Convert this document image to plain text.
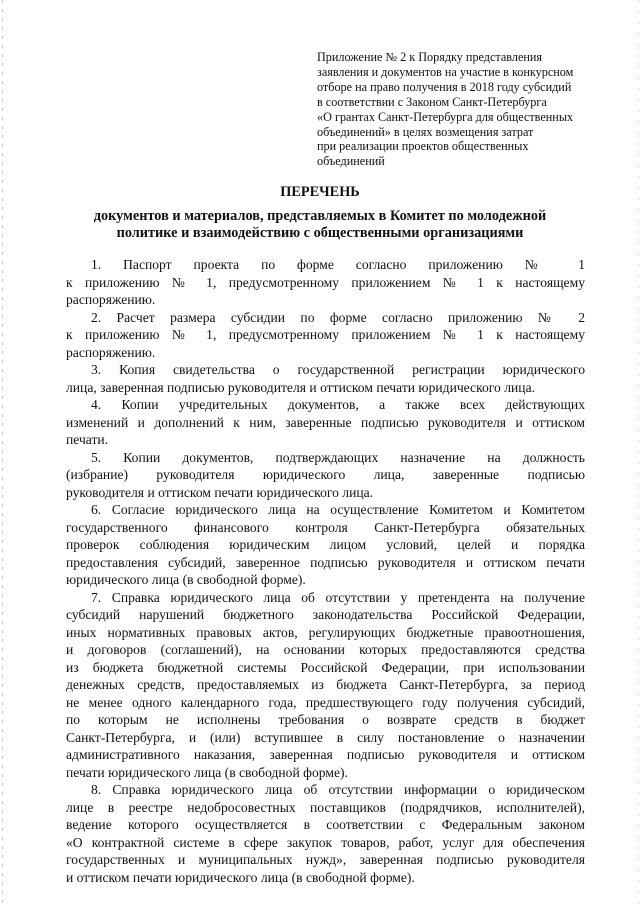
Приложение № 2 к Порядку представления
заявления и документов на участие в конкурсном
отборе на право получения в 2018 году субсидий
в соответствии с Законом Санкт-Петербурга
«О грантах Санкт-Петербурга для общественных
объединений» в целях возмещения затрат
при реализации проектов общественных
объединений
ПЕРЕЧЕНЬ
документов и материалов, представляемых в Комитет по молодежной
политике и взаимодействию с общественными организациями
1. Паспорт проекта по форме согласно приложению № 1
к приложению № 1, предусмотренному приложением № 1 к настоящему
распоряжению.
2. Расчет размера субсидии по форме согласно приложению № 2
к приложению № 1, предусмотренному приложением № 1 к настоящему
распоряжению.
3. Копия свидетельства о государственной регистрации юридического
лица, заверенная подписью руководителя и оттиском печати юридического лица.
4. Копии учредительных документов, а также всех действующих
изменений и дополнений к ним, заверенные подписью руководителя и оттиском
печати.
5. Копии документов, подтверждающих назначение на должность
(избрание) руководителя юридического лица, заверенные подписью
руководителя и оттиском печати юридического лица.
6. Согласие юридического лица на осуществление Комитетом и Комитетом
государственного финансового контроля Санкт-Петербурга обязательных
проверок соблюдения юридическим лицом условий, целей и порядка
предоставления субсидий, заверенное подписью руководителя и оттиском печати
юридического лица (в свободной форме).
7. Справка юридического лица об отсутствии у претендента на получение
субсидий нарушений бюджетного законодательства Российской Федерации,
иных нормативных правовых актов, регулирующих бюджетные правоотношения,
и договоров (соглашений), на основании которых предоставляются средства
из бюджета бюджетной системы Российской Федерации, при использовании
денежных средств, предоставляемых из бюджета Санкт-Петербурга, за период
не менее одного календарного года, предшествующего году получения субсидий,
по которым не исполнены требования о возврате средств в бюджет
Санкт-Петербурга, и (или) вступившее в силу постановление о назначении
административного наказания, заверенная подписью руководителя и оттиском
печати юридического лица (в свободной форме).
8. Справка юридического лица об отсутствии информации о юридическом
лице в реестре недобросовестных поставщиков (подрядчиков, исполнителей),
ведение которого осуществляется в соответствии с Федеральным законом
«О контрактной системе в сфере закупок товаров, работ, услуг для обеспечения
государственных и муниципальных нужд», заверенная подписью руководителя
и оттиском печати юридического лица (в свободной форме).
